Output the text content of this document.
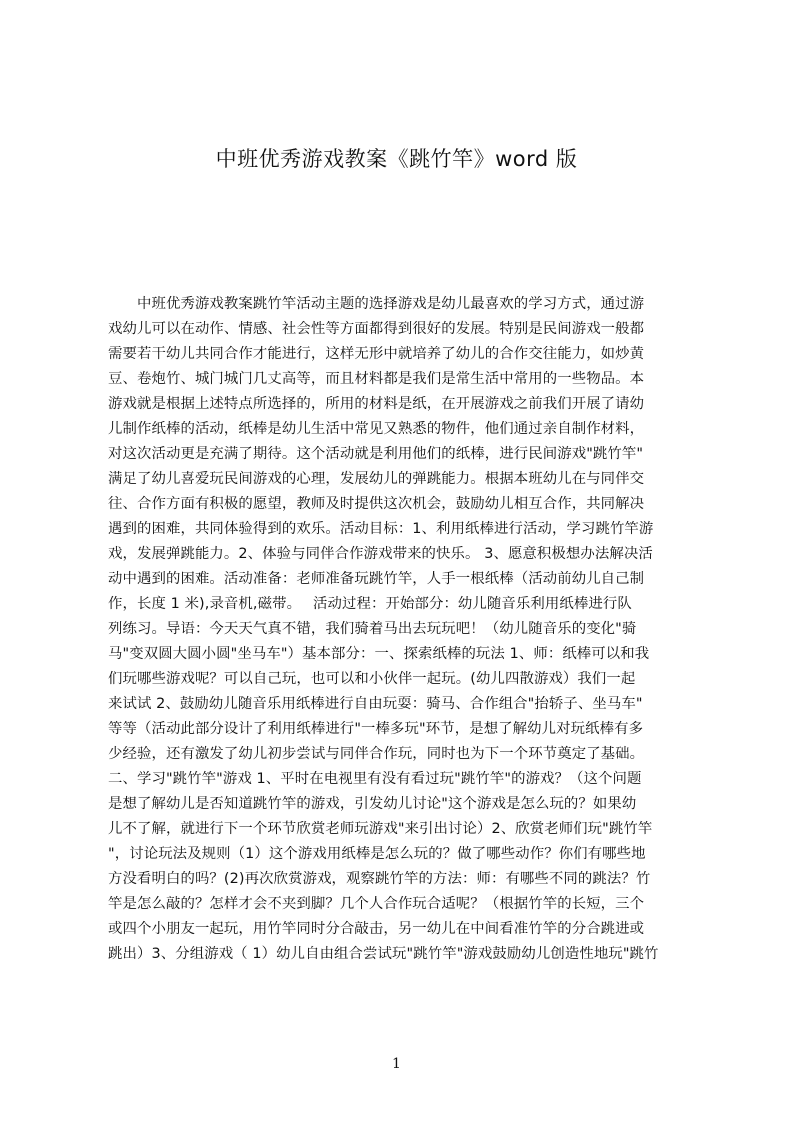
中班优秀游戏教案《跳竹竿》word 版
　　中班优秀游戏教案跳竹竿活动主题的选择游戏是幼儿最喜欢的学习方式，通过游
戏幼儿可以在动作、情感、社会性等方面都得到很好的发展。特别是民间游戏一般都
需要若干幼儿共同合作才能进行，这样无形中就培养了幼儿的合作交往能力，如炒黄
豆、卷炮竹、城门城门几丈高等，而且材料都是我们是常生活中常用的一些物品。本
游戏就是根据上述特点所选择的，所用的材料是纸，在开展游戏之前我们开展了请幼
儿制作纸棒的活动，纸棒是幼儿生活中常见又熟悉的物件，他们通过亲自制作材料，
对这次活动更是充满了期待。这个活动就是利用他们的纸棒，进行民间游戏"跳竹竿"
满足了幼儿喜爱玩民间游戏的心理，发展幼儿的弹跳能力。根据本班幼儿在与同伴交
往、合作方面有积极的愿望，教师及时提供这次机会，鼓励幼儿相互合作，共同解决
遇到的困难，共同体验得到的欢乐。活动目标：1、利用纸棒进行活动，学习跳竹竿游
戏，发展弹跳能力。2、体验与同伴合作游戏带来的快乐。 3、愿意积极想办法解决活
动中遇到的困难。活动准备：老师准备玩跳竹竿，人手一根纸棒（活动前幼儿自己制
作，长度 1 米),录音机,磁带。　 活动过程：开始部分：幼儿随音乐利用纸棒进行队
列练习。导语：今天天气真不错，我们骑着马出去玩玩吧！（幼儿随音乐的变化"骑
马"变双圆大圆小圆"坐马车"）基本部分：一、探索纸棒的玩法 1、师：纸棒可以和我
们玩哪些游戏呢？可以自己玩，也可以和小伙伴一起玩。(幼儿四散游戏）我们一起
来试试 2、鼓励幼儿随音乐用纸棒进行自由玩耍：骑马、合作组合"抬轿子、坐马车"
等等（活动此部分设计了利用纸棒进行"一棒多玩"环节，是想了解幼儿对玩纸棒有多
少经验，还有激发了幼儿初步尝试与同伴合作玩，同时也为下一个环节奠定了基础。
二、学习"跳竹竿"游戏 1、平时在电视里有没有看过玩"跳竹竿"的游戏？（这个问题
是想了解幼儿是否知道跳竹竿的游戏，引发幼儿讨论"这个游戏是怎么玩的？如果幼
儿不了解，就进行下一个环节欣赏老师玩游戏"来引出讨论）2、欣赏老师们玩"跳竹竿
"，讨论玩法及规则（1）这个游戏用纸棒是怎么玩的？做了哪些动作？你们有哪些地
方没看明白的吗？(2)再次欣赏游戏，观察跳竹竿的方法：师：有哪些不同的跳法？竹
竿是怎么敲的？怎样才会不夹到脚？几个人合作玩合适呢？（根据竹竿的长短，三个
或四个小朋友一起玩，用竹竿同时分合敲击，另一幼儿在中间看准竹竿的分合跳进或
跳出）3、分组游戏（ 1）幼儿自由组合尝试玩"跳竹竿"游戏鼓励幼儿创造性地玩"跳竹
1
